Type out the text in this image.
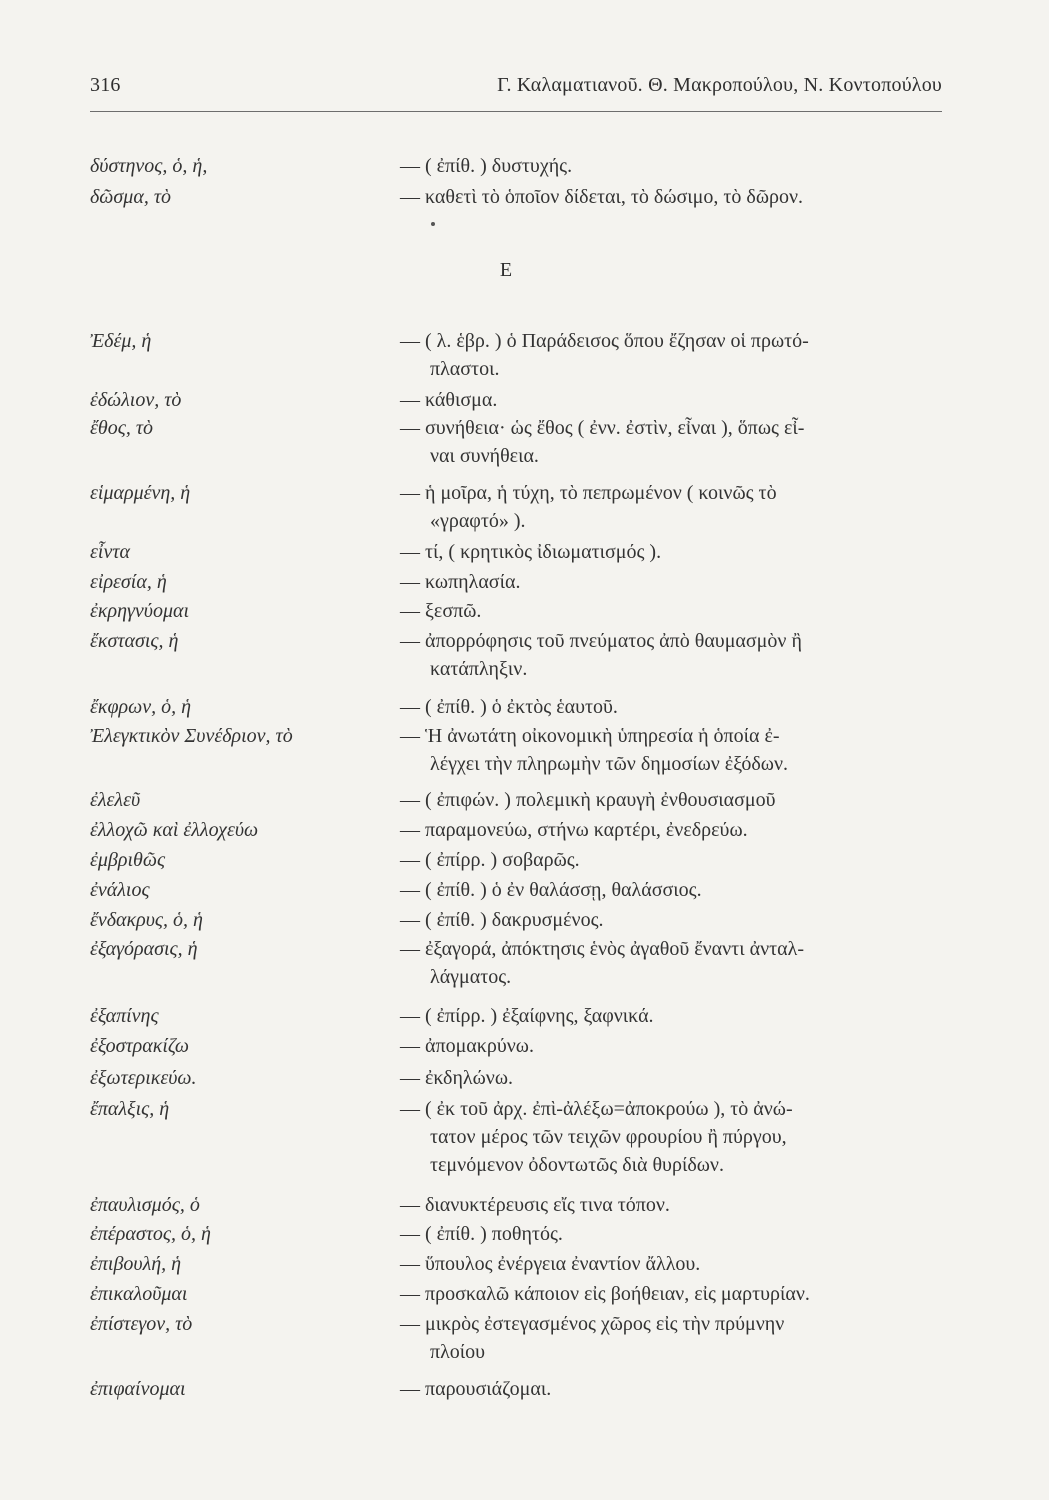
316	Γ. Καλαματιανοῦ. Θ. Μακροπούλου, Ν. Κοντοπούλου
Ε
δύστηνος, ὁ, ἡ,	— ( ἐπίθ. ) δυστυχής.
δῶσμα, τὸ	— καθετὶ τὸ ὁποῖον δίδεται, τὸ δώσιμο, τὸ δῶρον.
Ἐδέμ, ἡ	— ( λ. ἑβρ. ) ὁ Παράδεισος ὅπου ἔζησαν οἱ πρωτό-
πλαστοι.
ἐδώλιον, τὸ	— κάθισμα.
ἔθος, τὸ	— συνήθεια· ὡς ἔθος ( ἐνν. ἐστὶν, εἶναι ), ὅπως εἶ-
ναι συνήθεια.
εἱμαρμένη, ἡ	— ἡ μοῖρα, ἡ τύχη, τὸ πεπρωμένον ( κοινῶς τὸ
«γραφτό» ).
εἶντα	— τί, ( κρητικὸς ἰδιωματισμός ).
εἰρεσία, ἡ	— κωπηλασία.
ἐκρηγνύομαι	— ξεσπῶ.
ἔκστασις, ἡ	— ἀπορρόφησις τοῦ πνεύματος ἀπὸ θαυμασμὸν ἢ
κατάπληξιν.
ἔκφρων, ὁ, ἡ	— ( ἐπίθ. ) ὁ ἐκτὸς ἑαυτοῦ.
Ἐλεγκτικὸν Συνέδριον, τὸ	— Ἡ ἀνωτάτη οἰκονομικὴ ὑπηρεσία ἡ ὁποία ἐ-
λέγχει τὴν πληρωμὴν τῶν δημοσίων ἐξόδων.
ἐλελεῦ	— ( ἐπιφών. ) πολεμικὴ κραυγὴ ἐνθουσιασμοῦ
ἐλλοχῶ καὶ ἐλλοχεύω	— παραμονεύω, στήνω καρτέρι, ἐνεδρεύω.
ἐμβριθῶς	— ( ἐπίρρ. ) σοβαρῶς.
ἐνάλιος	— ( ἐπίθ. ) ὁ ἐν θαλάσσῃ, θαλάσσιος.
ἔνδακρυς, ὁ, ἡ	— ( ἐπίθ. ) δακρυσμένος.
ἐξαγόρασις, ἡ	— ἐξαγορά, ἀπόκτησις ἑνὸς ἀγαθοῦ ἔναντι ἀνταλ-
λάγματος.
ἐξαπίνης	— ( ἐπίρρ. ) ἐξαίφνης, ξαφνικά.
ἐξοστρακίζω	— ἀπομακρύνω.
ἐξωτερικεύω.	— ἐκδηλώνω.
ἔπαλξις, ἡ	— ( ἐκ τοῦ ἀρχ. ἐπὶ-ἀλέξω=ἀποκρούω ), τὸ ἀνώ-
τατον μέρος τῶν τειχῶν φρουρίου ἢ πύργου,
τεμνόμενον ὀδοντωτῶς διὰ θυρίδων.
ἐπαυλισμός, ὁ	— διανυκτέρευσις εἴς τινα τόπον.
ἐπέραστος, ὁ, ἡ	— ( ἐπίθ. ) ποθητός.
ἐπιβουλή, ἡ	— ὕπουλος ἐνέργεια ἐναντίον ἄλλου.
ἐπικαλοῦμαι	— προσκαλῶ κάποιον εἰς βοήθειαν, εἰς μαρτυρίαν.
ἐπίστεγον, τὸ	— μικρὸς ἐστεγασμένος χῶρος εἰς τὴν πρύμνην
πλοίου
ἐπιφαίνομαι	— παρουσιάζομαι.
